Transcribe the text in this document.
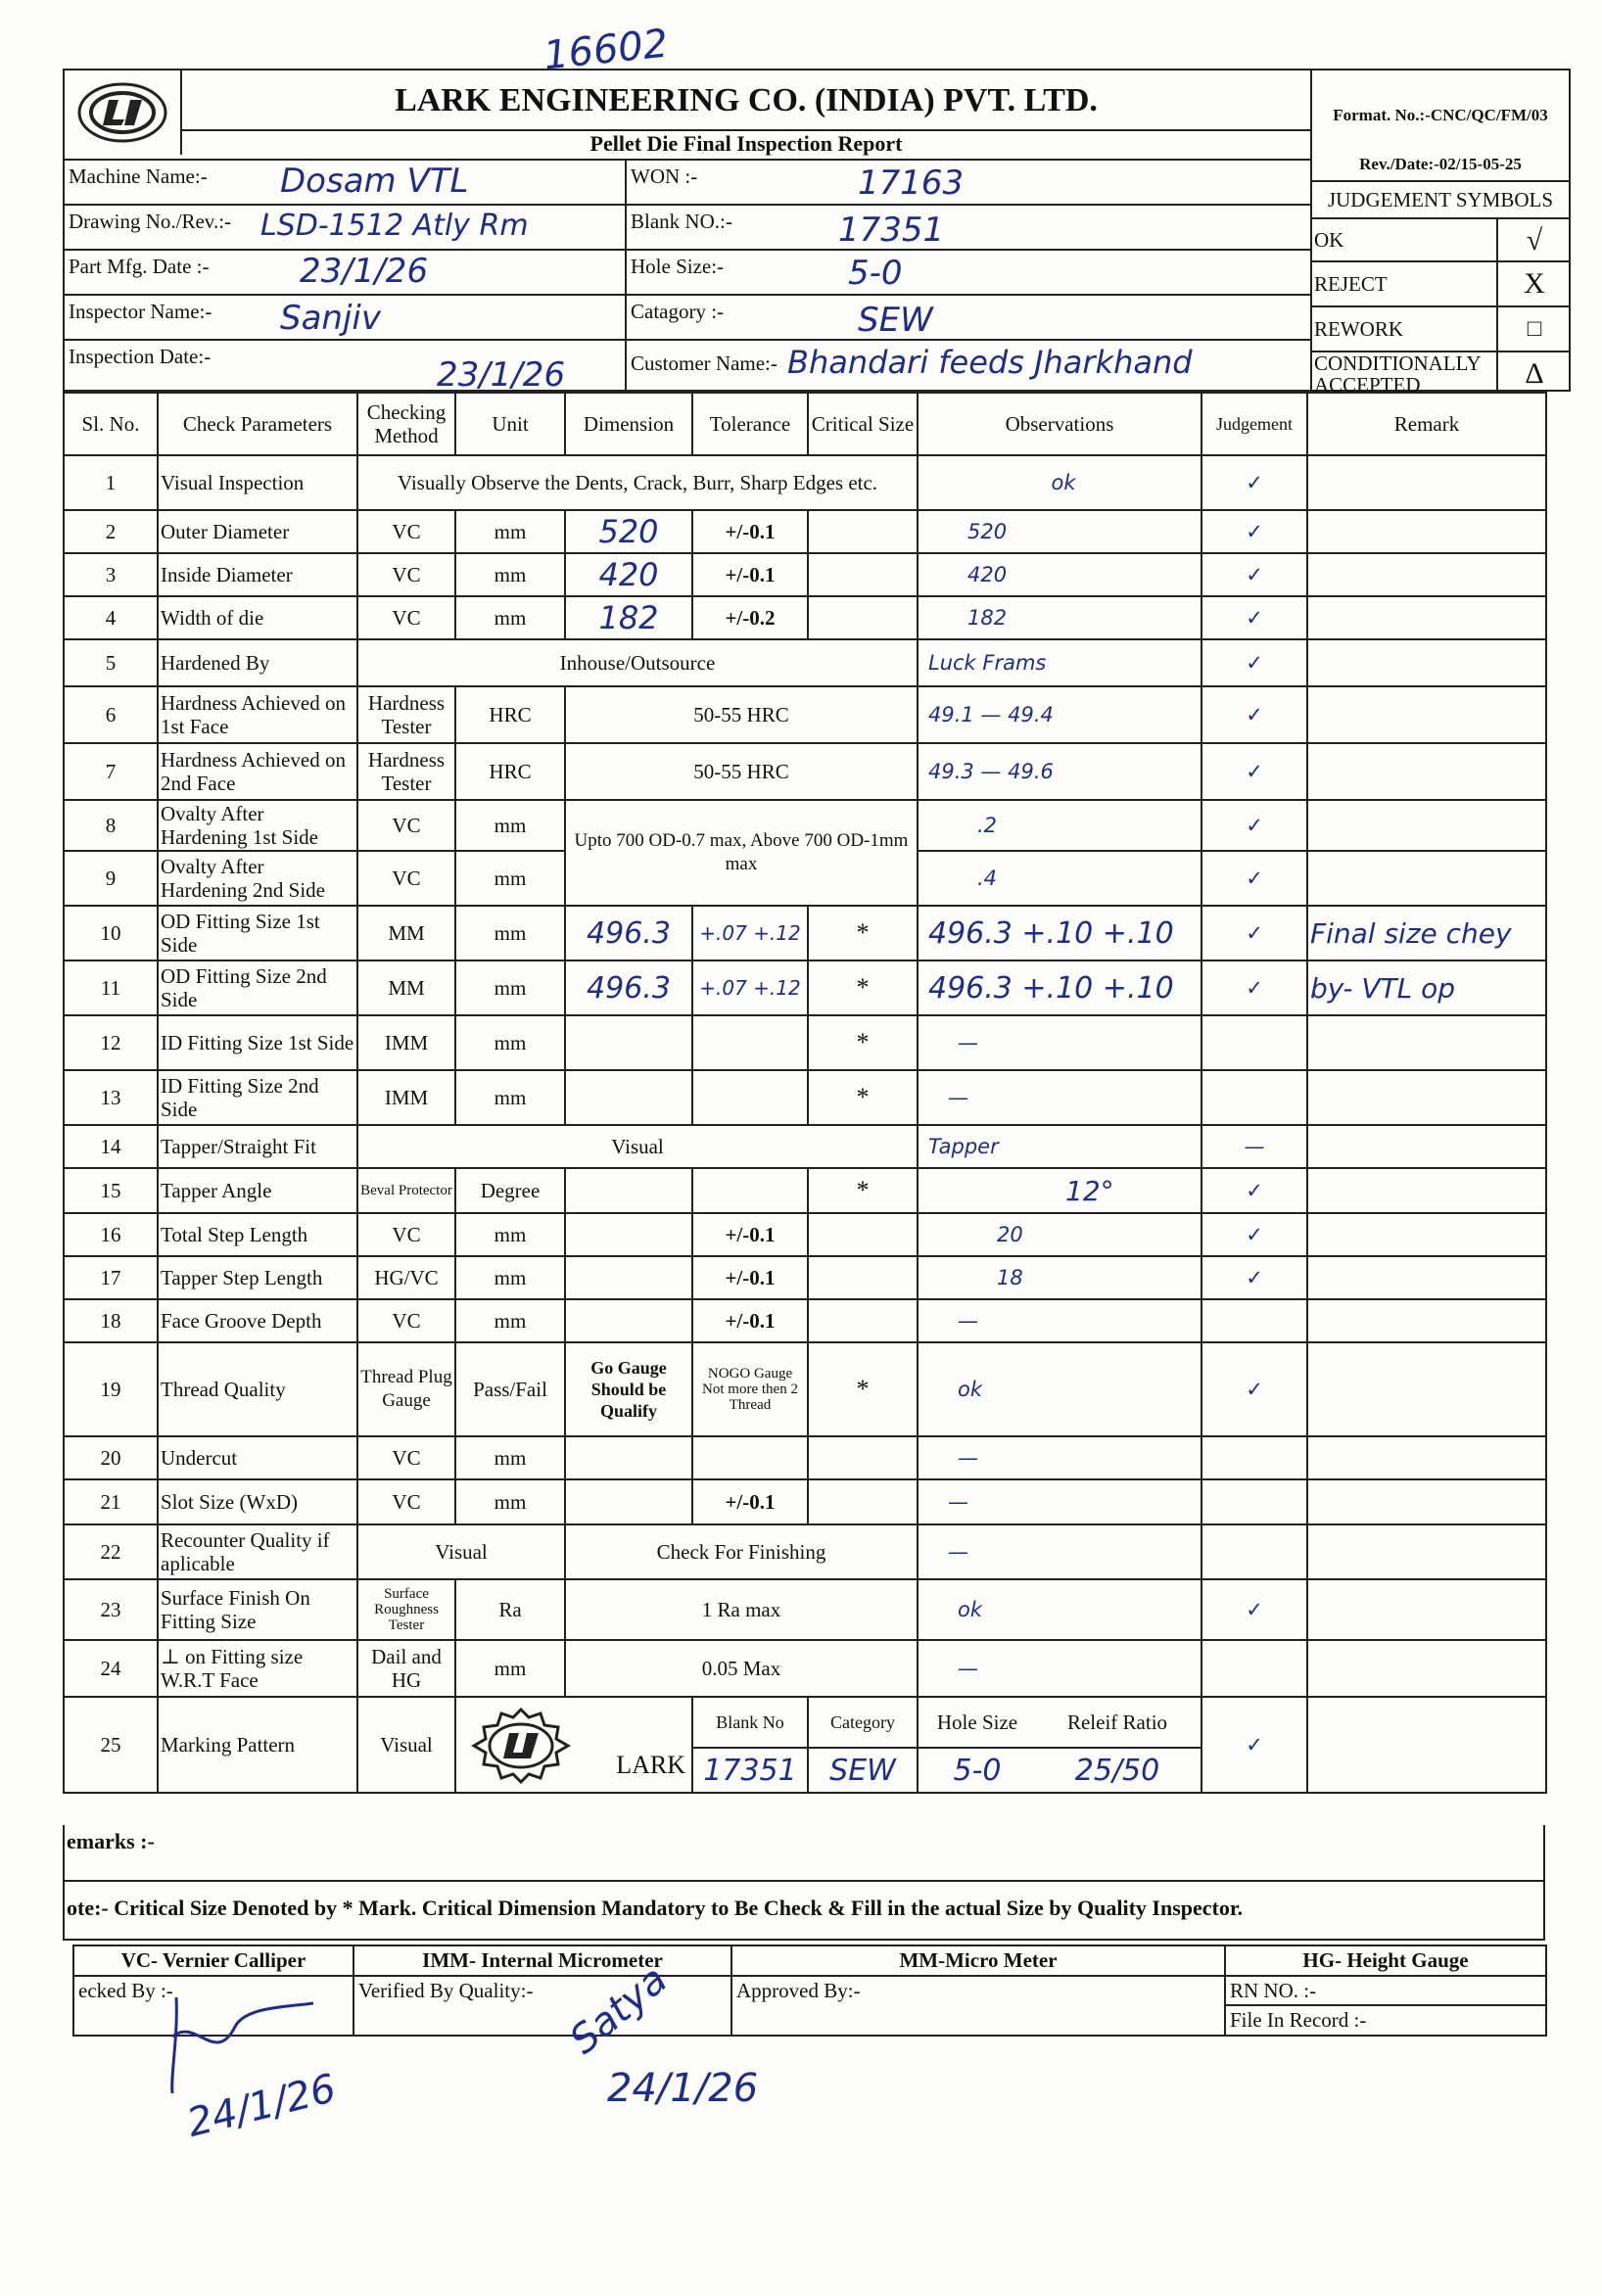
16602
LARK ENGINEERING CO. (INDIA) PVT. LTD.
Pellet Die Final Inspection Report
Format. No.:-CNC/QC/FM/03
Rev./Date:-02/15-05-25
JUDGEMENT SYMBOLS
OK	√
REJECT	X
REWORK	□
CONDITIONALLY ACCEPTED	Δ
Machine Name:-	WON :-
Dosam VTL	17163
Drawing No./Rev.:-	Blank NO.:-
LSD-1512 Atly Rm	17351
Part Mfg. Date :-	Hole Size:-
23/1/26	5-0
Inspector Name:-	Catagory :-
Sanjiv	SEW
Inspection Date:-	Customer Name:-
23/1/26	Bhandari feeds Jharkhand
Sl. No.	Check Parameters	Checking Method	Unit	Dimension	Tolerance	Critical Size	Observations	Judgement	Remark
1	Visual Inspection	Visually Observe the Dents, Crack, Burr, Sharp Edges etc.					ok	✓	
2	Outer Diameter	VC	mm	520	+/-0.1		520	✓	
3	Inside Diameter	VC	mm	420	+/-0.1		420	✓	
4	Width of die	VC	mm	182	+/-0.2		182	✓	
5	Hardened By	Inhouse/Outsource					Luck Frams	✓	
6	Hardness Achieved on 1st Face	Hardness Tester	HRC	50-55 HRC			49.1 — 49.4	✓	
7	Hardness Achieved on 2nd Face	Hardness Tester	HRC	50-55 HRC			49.3 — 49.6	✓	
8	Ovalty After Hardening 1st Side	VC	mm	Upto 700 OD-0.7 max, Above 700 OD-1mm max			.2	✓	
9	Ovalty After Hardening 2nd Side	VC	mm				.4	✓	
10	OD Fitting Size 1st Side	MM	mm	496.3	+.07 +.12	*	496.3 +.10 +.10	✓	Final size chey
11	OD Fitting Size 2nd Side	MM	mm	496.3	+.07 +.12	*	496.3 +.10 +.10	✓	by- VTL op
12	ID Fitting Size 1st Side	IMM	mm			*	—		
13	ID Fitting Size 2nd Side	IMM	mm			*	—		
14	Tapper/Straight Fit	Visual					Tapper	—	
15	Tapper Angle	Beval Protector	Degree			*	12°	✓	
16	Total Step Length	VC	mm		+/-0.1		20	✓	
17	Tapper Step Length	HG/VC	mm		+/-0.1		18	✓	
18	Face Groove Depth	VC	mm		+/-0.1		—		
19	Thread Quality	Thread Plug Gauge	Pass/Fail	Go Gauge Should be Qualify	NOGO Gauge Not more then 2 Thread	*	ok	✓	
20	Undercut	VC	mm				—		
21	Slot Size (WxD)	VC	mm		+/-0.1		—		
22	Recounter Quality if aplicable	Visual		Check For Finishing			—		
23	Surface Finish On Fitting Size	Surface Roughness Tester	Ra	1 Ra max			ok	✓	
24	⊥ on Fitting size W.R.T Face	Dail and HG	mm	0.05 Max			—		
25	Marking Pattern	Visual	LARK		Blank No	Category	Hole Size Releif Ratio	✓	
					17351	SEW	5-0 25/50		
emarks :-
ote:- Critical Size Denoted by * Mark. Critical Dimension Mandatory to Be Check & Fill in the actual Size by Quality Inspector.
VC- Vernier Calliper	IMM- Internal Micrometer	MM-Micro Meter	HG- Height Gauge
ecked By :-	Verified By Quality:-	Approved By:-	RN NO. :-
File In Record :-
24/1/26
Satya
24/1/26
